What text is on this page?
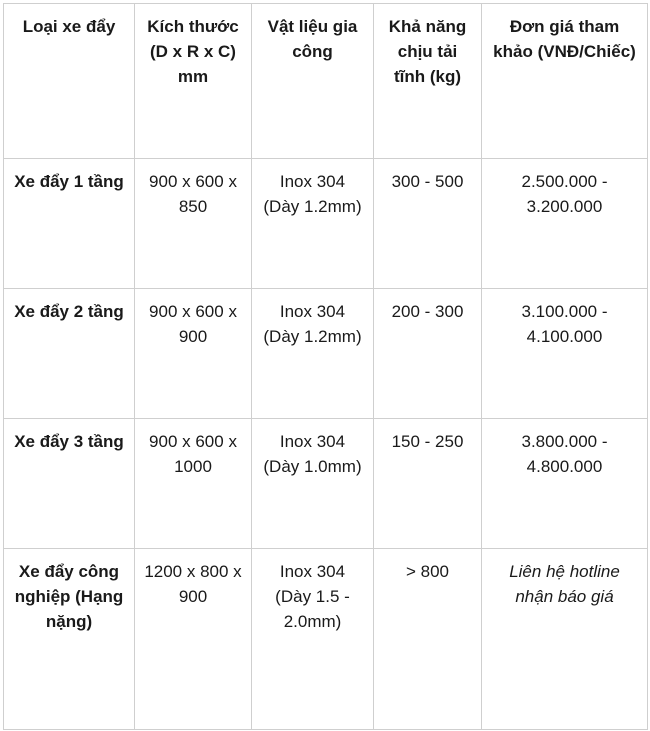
Loại xe đẩy	Kích thước (D x R x C) mm	Vật liệu gia công	Khả năng chịu tải tĩnh (kg)	Đơn giá tham khảo (VNĐ/Chiếc)
Xe đẩy 1 tầng	900 x 600 x 850	Inox 304 (Dày 1.2mm)	300 - 500	2.500.000 - 3.200.000
Xe đẩy 2 tầng	900 x 600 x 900	Inox 304 (Dày 1.2mm)	200 - 300	3.100.000 - 4.100.000
Xe đẩy 3 tầng	900 x 600 x 1000	Inox 304 (Dày 1.0mm)	150 - 250	3.800.000 - 4.800.000
Xe đẩy công nghiệp (Hạng nặng)	1200 x 800 x 900	Inox 304 (Dày 1.5 - 2.0mm)	> 800	Liên hệ hotline nhận báo giá
